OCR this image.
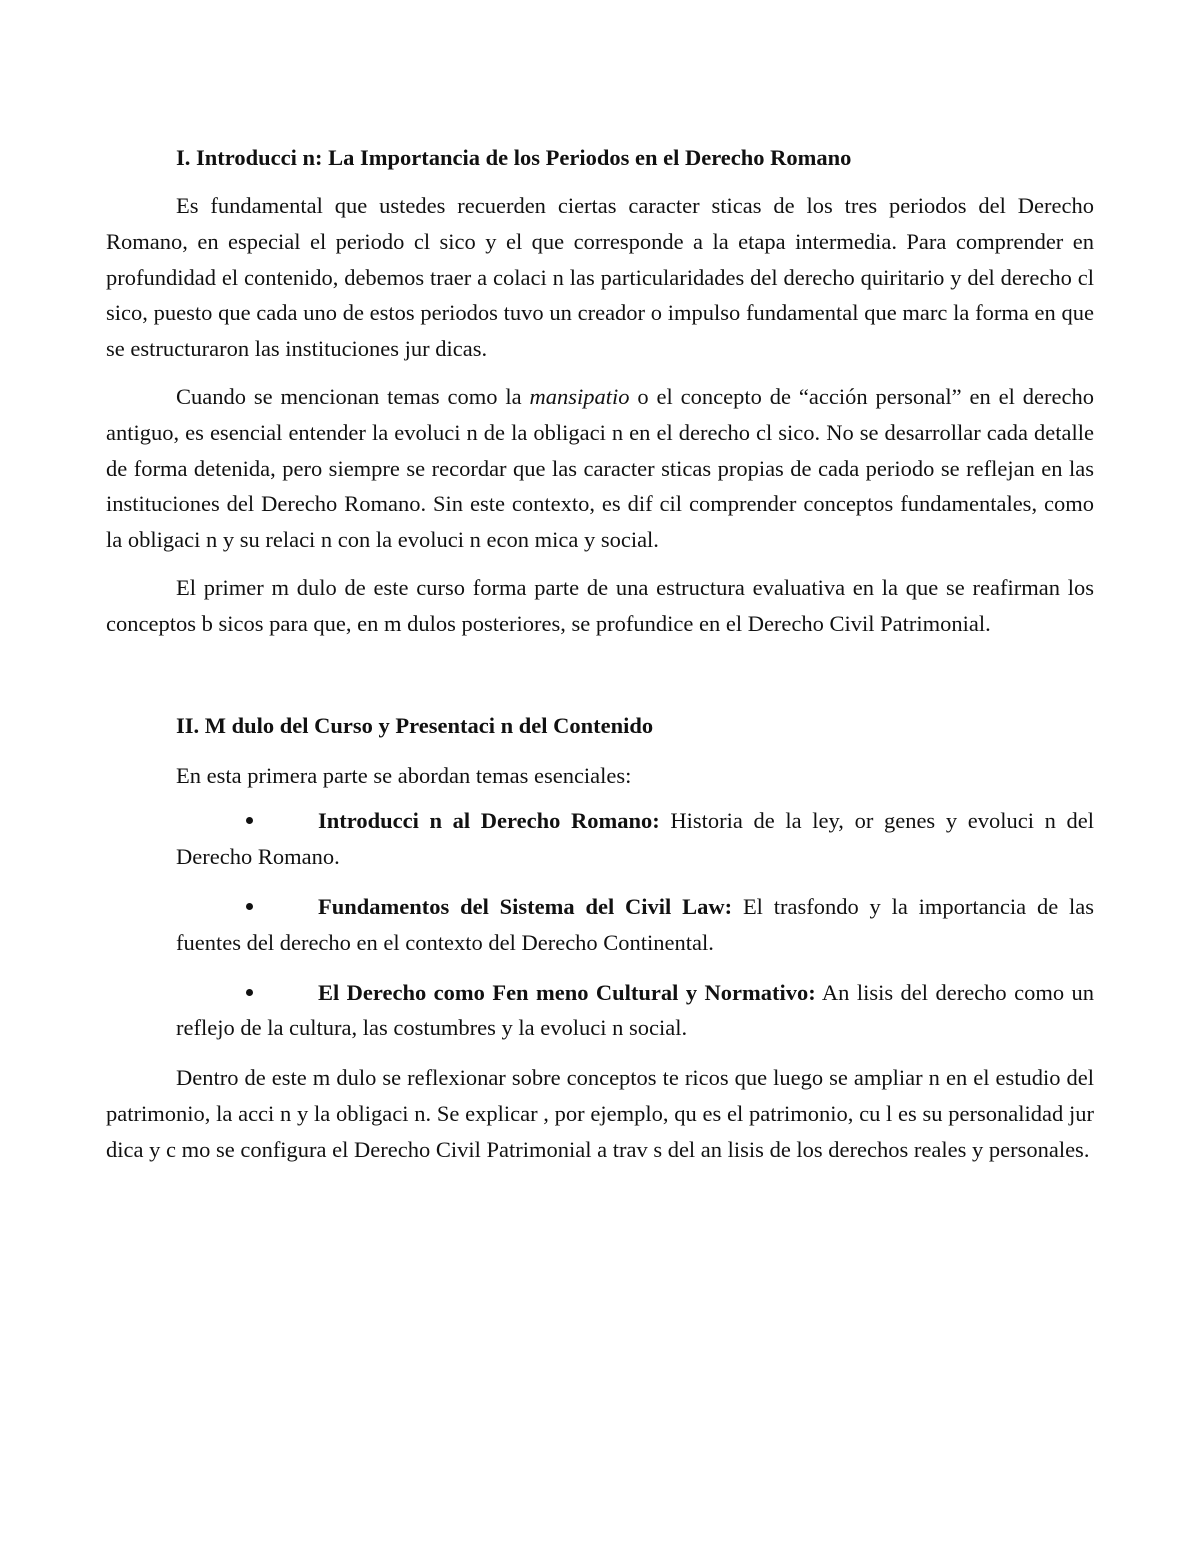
I. Introducci n: La Importancia de los Periodos en el Derecho Romano

Es fundamental que ustedes recuerden ciertas caracter sticas de los tres periodos del Derecho Romano, en especial el periodo cl sico y el que corresponde a la etapa intermedia. Para comprender en profundidad el contenido, debemos traer a colaci n las particularidades del derecho quiritario y del derecho cl sico, puesto que cada uno de estos periodos tuvo un creador o impulso fundamental que marc la forma en que se estructuraron las instituciones jur dicas.

Cuando se mencionan temas como la mansipatio o el concepto de “acción personal” en el derecho antiguo, es esencial entender la evoluci n de la obligaci n en el derecho cl sico. No se desarrollar cada detalle de forma detenida, pero siempre se recordar que las caracter sticas propias de cada periodo se reflejan en las instituciones del Derecho Romano. Sin este contexto, es dif cil comprender conceptos fundamentales, como la obligaci n y su relaci n con la evoluci n econ mica y social.

El primer m dulo de este curso forma parte de una estructura evaluativa en la que se reafirman los conceptos b sicos para que, en m dulos posteriores, se profundice en el Derecho Civil Patrimonial.

II. M dulo del Curso y Presentaci n del Contenido

En esta primera parte se abordan temas esenciales:

Introducci n al Derecho Romano: Historia de la ley, or genes y evoluci n del Derecho Romano.
Fundamentos del Sistema del Civil Law: El trasfondo y la importancia de las fuentes del derecho en el contexto del Derecho Continental.
El Derecho como Fen meno Cultural y Normativo: An lisis del derecho como un reflejo de la cultura, las costumbres y la evoluci n social.

Dentro de este m dulo se reflexionar sobre conceptos te ricos que luego se ampliar n en el estudio del patrimonio, la acci n y la obligaci n. Se explicar , por ejemplo, qu es el patrimonio, cu l es su personalidad jur dica y c mo se configura el Derecho Civil Patrimonial a trav s del an lisis de los derechos reales y personales.
